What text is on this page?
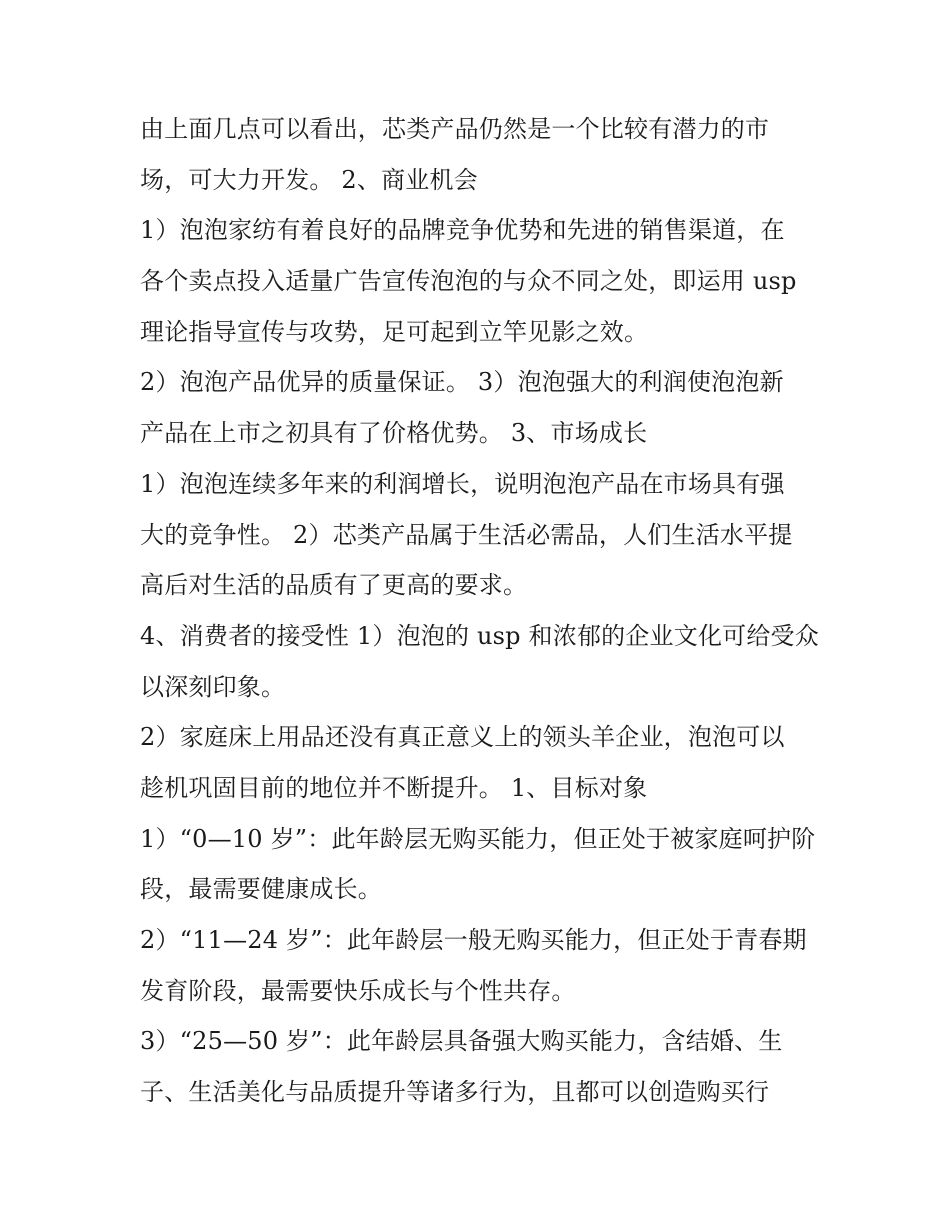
由上面几点可以看出，芯类产品仍然是一个比较有潜力的市
场，可大力开发。 2、商业机会
1）泡泡家纺有着良好的品牌竞争优势和先进的销售渠道，在
各个卖点投入适量广告宣传泡泡的与众不同之处，即运用 usp
理论指导宣传与攻势，足可起到立竿见影之效。
2）泡泡产品优异的质量保证。 3）泡泡强大的利润使泡泡新
产品在上市之初具有了价格优势。 3、市场成长
1）泡泡连续多年来的利润增长，说明泡泡产品在市场具有强
大的竞争性。 2）芯类产品属于生活必需品，人们生活水平提
高后对生活的品质有了更高的要求。
4、消费者的接受性 1）泡泡的 usp 和浓郁的企业文化可给受众
以深刻印象。
2）家庭床上用品还没有真正意义上的领头羊企业，泡泡可以
趁机巩固目前的地位并不断提升。 1、目标对象
1）“0—10 岁”：此年龄层无购买能力，但正处于被家庭呵护阶
段，最需要健康成长。
2）“11—24 岁”：此年龄层一般无购买能力，但正处于青春期
发育阶段，最需要快乐成长与个性共存。
3）“25—50 岁”：此年龄层具备强大购买能力，含结婚、生
子、生活美化与品质提升等诸多行为，且都可以创造购买行
